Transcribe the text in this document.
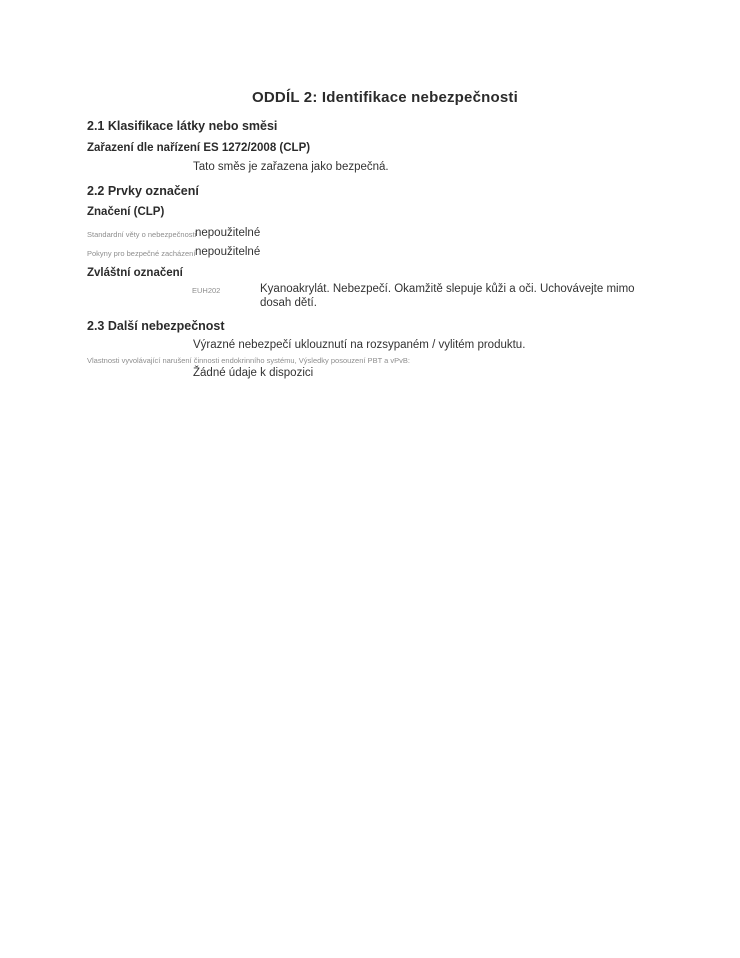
ODDÍL 2: Identifikace nebezpečnosti
2.1 Klasifikace látky nebo směsi
Zařazení dle nařízení ES 1272/2008 (CLP)
Tato směs je zařazena jako bezpečná.
2.2 Prvky označení
Značení (CLP)
Standardní věty o nebezpečnosti
nepoužitelné
Pokyny pro bezpečné zacházení nepoužitelné
Zvláštní označení
EUH202	Kyanoakrylát. Nebezpečí. Okamžitě slepuje kůži a oči. Uchovávejte mimo dosah dětí.
2.3 Další nebezpečnost
Výrazné nebezpečí uklouznutí na rozsypaném / vylitém produktu.
Vlastnosti vyvolávající narušení činnosti endokrinního systému, Výsledky posouzení PBT a vPvB:
Žádné údaje k dispozici
